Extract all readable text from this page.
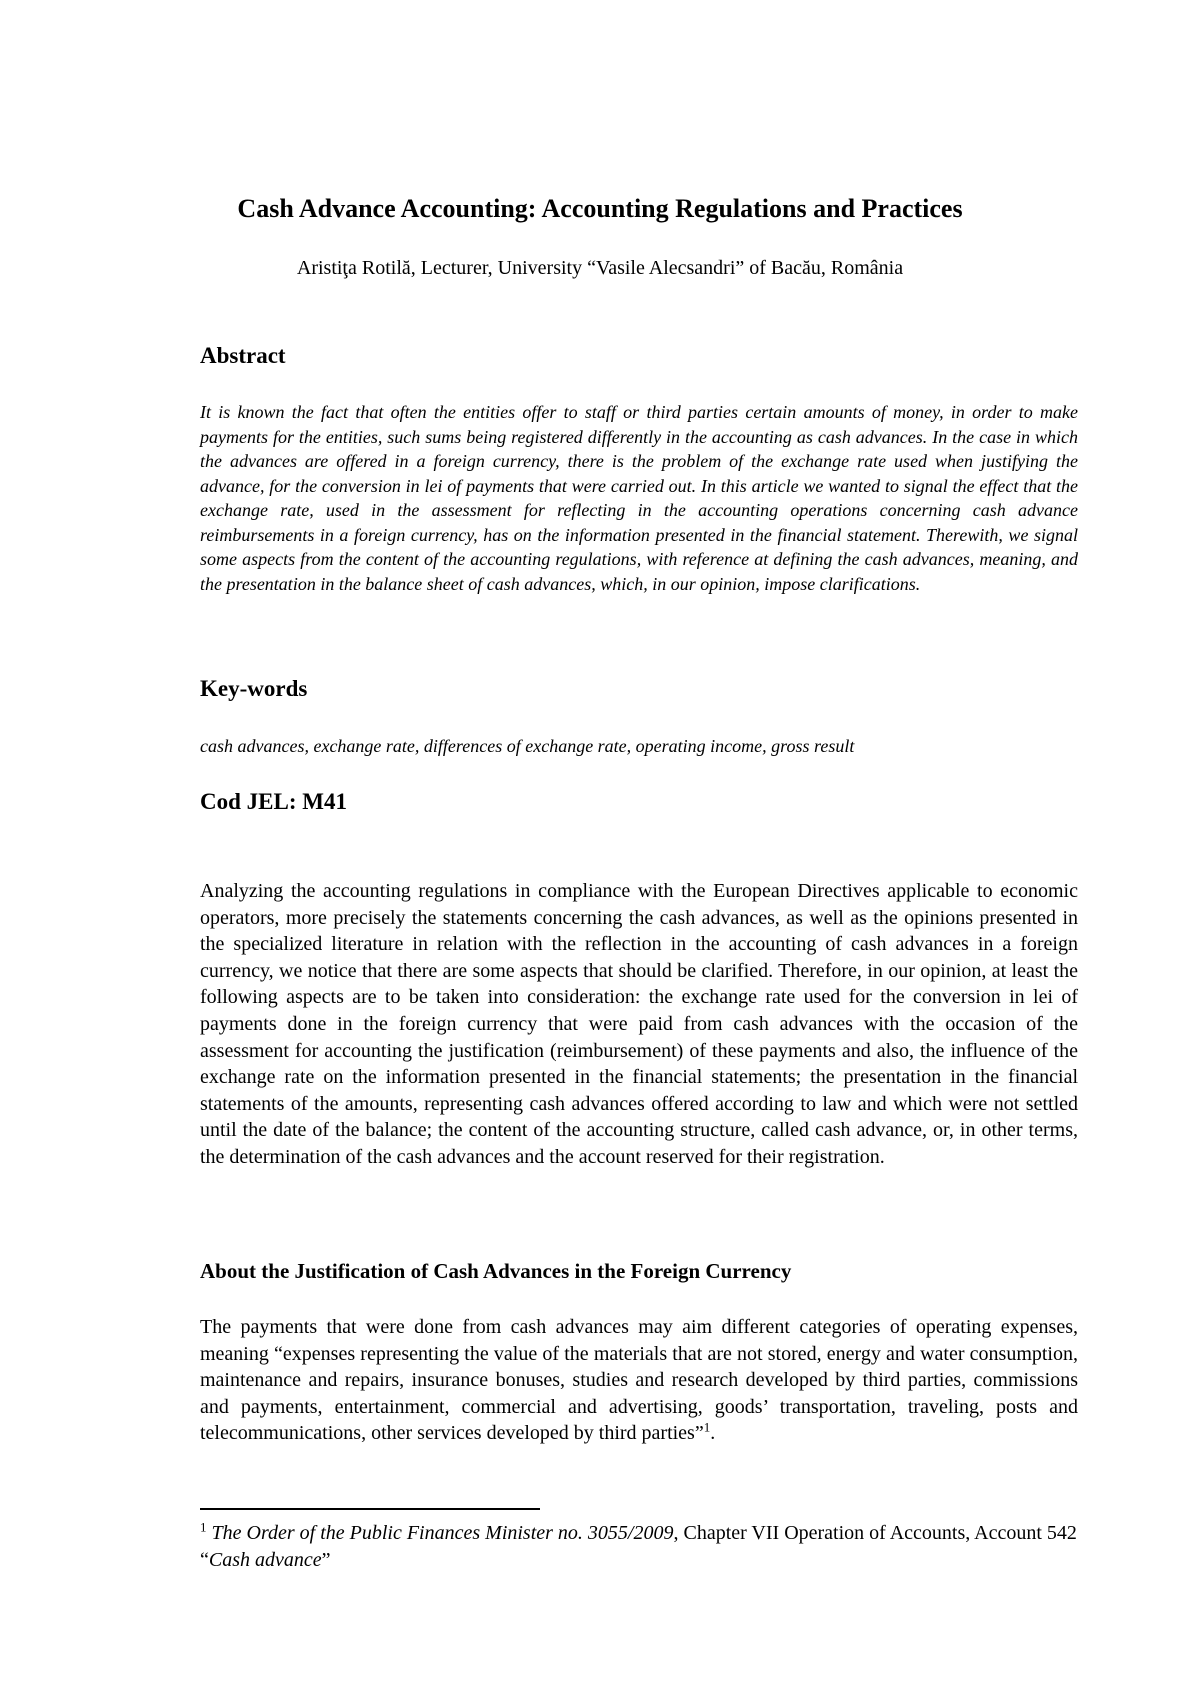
Cash Advance Accounting: Accounting Regulations and Practices

Aristiţa Rotilă, Lecturer, University “Vasile Alecsandri” of Bacău, România

Abstract

It is known the fact that often the entities offer to staff or third parties certain amounts of money, in order to make payments for the entities, such sums being registered differently in the accounting as cash advances. In the case in which the advances are offered in a foreign currency, there is the problem of the exchange rate used when justifying the advance, for the conversion in lei of payments that were carried out. In this article we wanted to signal the effect that the exchange rate, used in the assessment for reflecting in the accounting operations concerning cash advance reimbursements in a foreign currency, has on the information presented in the financial statement. Therewith, we signal some aspects from the content of the accounting regulations, with reference at defining the cash advances, meaning, and the presentation in the balance sheet of cash advances, which, in our opinion, impose clarifications.

Key-words

cash advances, exchange rate, differences of exchange rate, operating income, gross result

Cod JEL: M41

Analyzing the accounting regulations in compliance with the European Directives applicable to economic operators, more precisely the statements concerning the cash advances, as well as the opinions presented in the specialized literature in relation with the reflection in the accounting of cash advances in a foreign currency, we notice that there are some aspects that should be clarified. Therefore, in our opinion, at least the following aspects are to be taken into consideration: the exchange rate used for the conversion in lei of payments done in the foreign currency that were paid from cash advances with the occasion of the assessment for accounting the justification (reimbursement) of these payments and also, the influence of the exchange rate on the information presented in the financial statements; the presentation in the financial statements of the amounts, representing cash advances offered according to law and which were not settled until the date of the balance; the content of the accounting structure, called cash advance, or, in other terms, the determination of the cash advances and the account reserved for their registration.

About the Justification of Cash Advances in the Foreign Currency

The payments that were done from cash advances may aim different categories of operating expenses, meaning “expenses representing the value of the materials that are not stored, energy and water consumption, maintenance and repairs, insurance bonuses, studies and research developed by third parties, commissions and payments, entertainment, commercial and advertising, goods’ transportation, traveling, posts and telecommunications, other services developed by third parties”$^1$.

$^1$ The Order of the Public Finances Minister no. 3055/2009, Chapter VII Operation of Accounts, Account 542 “Cash advance”
